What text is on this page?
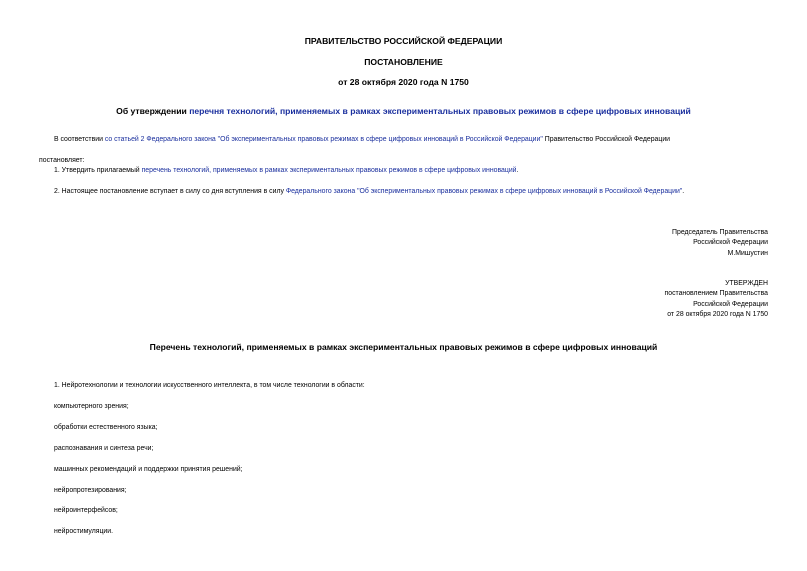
ПРАВИТЕЛЬСТВО РОССИЙСКОЙ ФЕДЕРАЦИИ
ПОСТАНОВЛЕНИЕ
от 28 октября 2020 года N 1750
Об утверждении перечня технологий, применяемых в рамках экспериментальных правовых режимов в сфере цифровых инноваций
В соответствии со статьей 2 Федерального закона "Об экспериментальных правовых режимах в сфере цифровых инноваций в Российской Федерации" Правительство Российской Федерации
постановляет:
1. Утвердить прилагаемый перечень технологий, применяемых в рамках экспериментальных правовых режимов в сфере цифровых инноваций.
2. Настоящее постановление вступает в силу со дня вступления в силу Федерального закона "Об экспериментальных правовых режимах в сфере цифровых инноваций в Российской Федерации".
Председатель Правительства
Российской Федерации
М.Мишустин
УТВЕРЖДЕН
постановлением Правительства
Российской Федерации
от 28 октября 2020 года N 1750
Перечень технологий, применяемых в рамках экспериментальных правовых режимов в сфере цифровых инноваций
1. Нейротехнологии и технологии искусственного интеллекта, в том числе технологии в области:
компьютерного зрения;
обработки естественного языка;
распознавания и синтеза речи;
машинных рекомендаций и поддержки принятия решений;
нейропротезирования;
нейроинтерфейсов;
нейростимуляции.
